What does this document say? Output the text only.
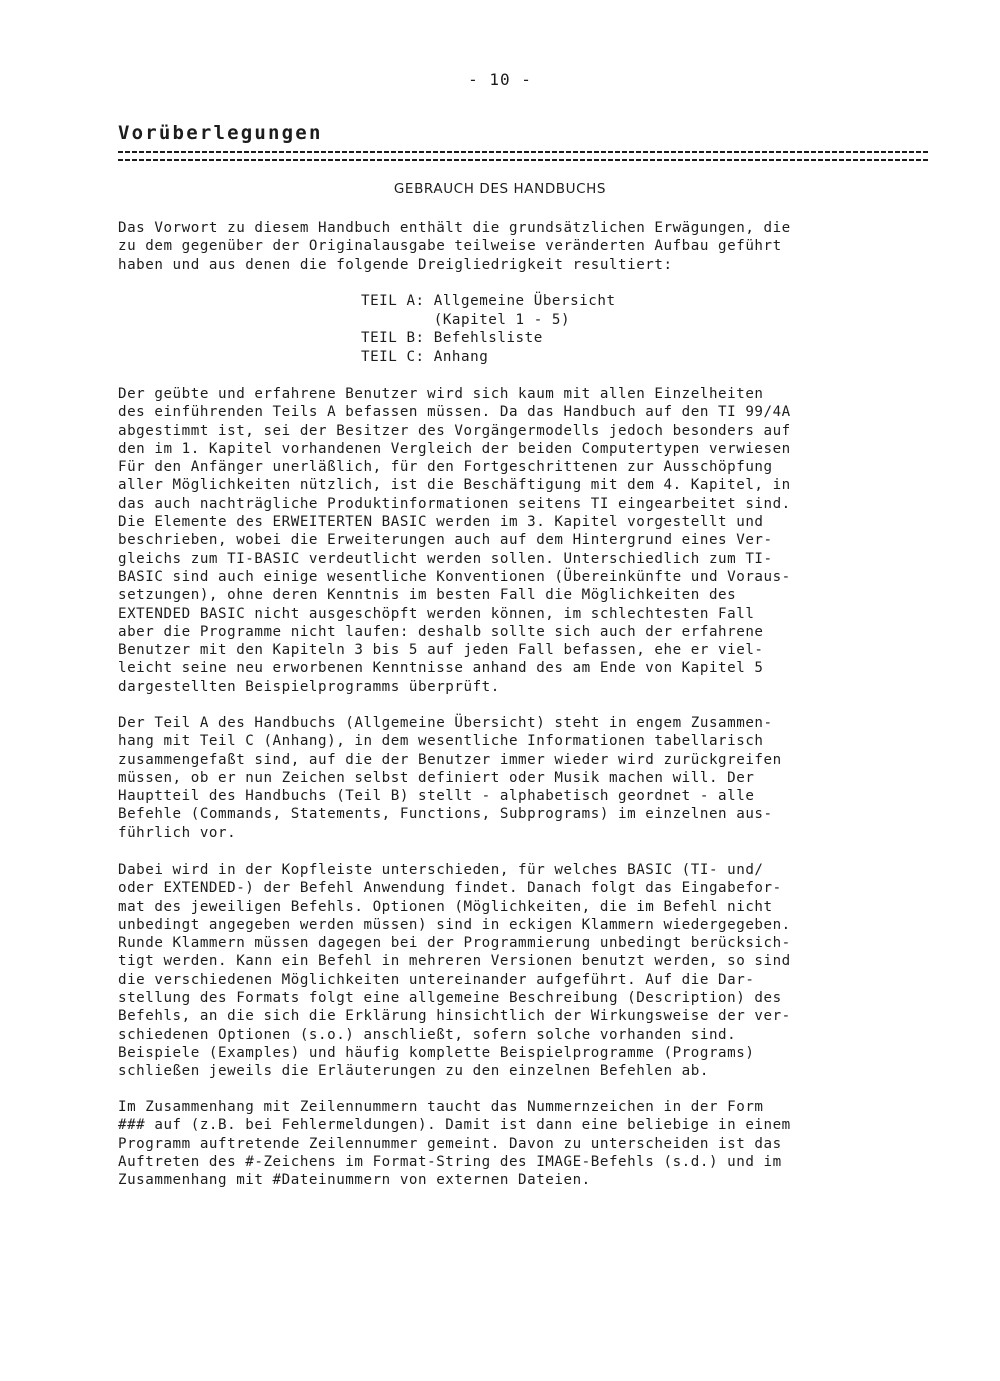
- 10 -
Vorüberlegungen
GEBRAUCH DES HANDBUCHS
Das Vorwort zu diesem Handbuch enthält die grundsätzlichen Erwägungen, die
zu dem gegenüber der Originalausgabe teilweise veränderten Aufbau geführt
haben und aus denen die folgende Dreigliedrigkeit resultiert:
TEIL A: Allgemeine Übersicht
(Kapitel 1 - 5)
TEIL B: Befehlsliste
TEIL C: Anhang
Der geübte und erfahrene Benutzer wird sich kaum mit allen Einzelheiten
des einführenden Teils A befassen müssen. Da das Handbuch auf den TI 99/4A
abgestimmt ist, sei der Besitzer des Vorgängermodells jedoch besonders auf
den im 1. Kapitel vorhandenen Vergleich der beiden Computertypen verwiesen
Für den Anfänger unerläßlich, für den Fortgeschrittenen zur Ausschöpfung
aller Möglichkeiten nützlich, ist die Beschäftigung mit dem 4. Kapitel, in
das auch nachträgliche Produktinformationen seitens TI eingearbeitet sind.
Die Elemente des ERWEITERTEN BASIC werden im 3. Kapitel vorgestellt und
beschrieben, wobei die Erweiterungen auch auf dem Hintergrund eines Ver-
gleichs zum TI-BASIC verdeutlicht werden sollen. Unterschiedlich zum TI-
BASIC sind auch einige wesentliche Konventionen (Übereinkünfte und Voraus-
setzungen), ohne deren Kenntnis im besten Fall die Möglichkeiten des
EXTENDED BASIC nicht ausgeschöpft werden können, im schlechtesten Fall
aber die Programme nicht laufen: deshalb sollte sich auch der erfahrene
Benutzer mit den Kapiteln 3 bis 5 auf jeden Fall befassen, ehe er viel-
leicht seine neu erworbenen Kenntnisse anhand des am Ende von Kapitel 5
dargestellten Beispielprogramms überprüft.
Der Teil A des Handbuchs (Allgemeine Übersicht) steht in engem Zusammen-
hang mit Teil C (Anhang), in dem wesentliche Informationen tabellarisch
zusammengefaßt sind, auf die der Benutzer immer wieder wird zurückgreifen
müssen, ob er nun Zeichen selbst definiert oder Musik machen will. Der
Hauptteil des Handbuchs (Teil B) stellt - alphabetisch geordnet - alle
Befehle (Commands, Statements, Functions, Subprograms) im einzelnen aus-
führlich vor.
Dabei wird in der Kopfleiste unterschieden, für welches BASIC (TI- und/
oder EXTENDED-) der Befehl Anwendung findet. Danach folgt das Eingabefor-
mat des jeweiligen Befehls. Optionen (Möglichkeiten, die im Befehl nicht
unbedingt angegeben werden müssen) sind in eckigen Klammern wiedergegeben.
Runde Klammern müssen dagegen bei der Programmierung unbedingt berücksich-
tigt werden. Kann ein Befehl in mehreren Versionen benutzt werden, so sind
die verschiedenen Möglichkeiten untereinander aufgeführt. Auf die Dar-
stellung des Formats folgt eine allgemeine Beschreibung (Description) des
Befehls, an die sich die Erklärung hinsichtlich der Wirkungsweise der ver-
schiedenen Optionen (s.o.) anschließt, sofern solche vorhanden sind.
Beispiele (Examples) und häufig komplette Beispielprogramme (Programs)
schließen jeweils die Erläuterungen zu den einzelnen Befehlen ab.
Im Zusammenhang mit Zeilennummern taucht das Nummernzeichen in der Form
### auf (z.B. bei Fehlermeldungen). Damit ist dann eine beliebige in einem
Programm auftretende Zeilennummer gemeint. Davon zu unterscheiden ist das
Auftreten des #-Zeichens im Format-String des IMAGE-Befehls (s.d.) und im
Zusammenhang mit #Dateinummern von externen Dateien.
